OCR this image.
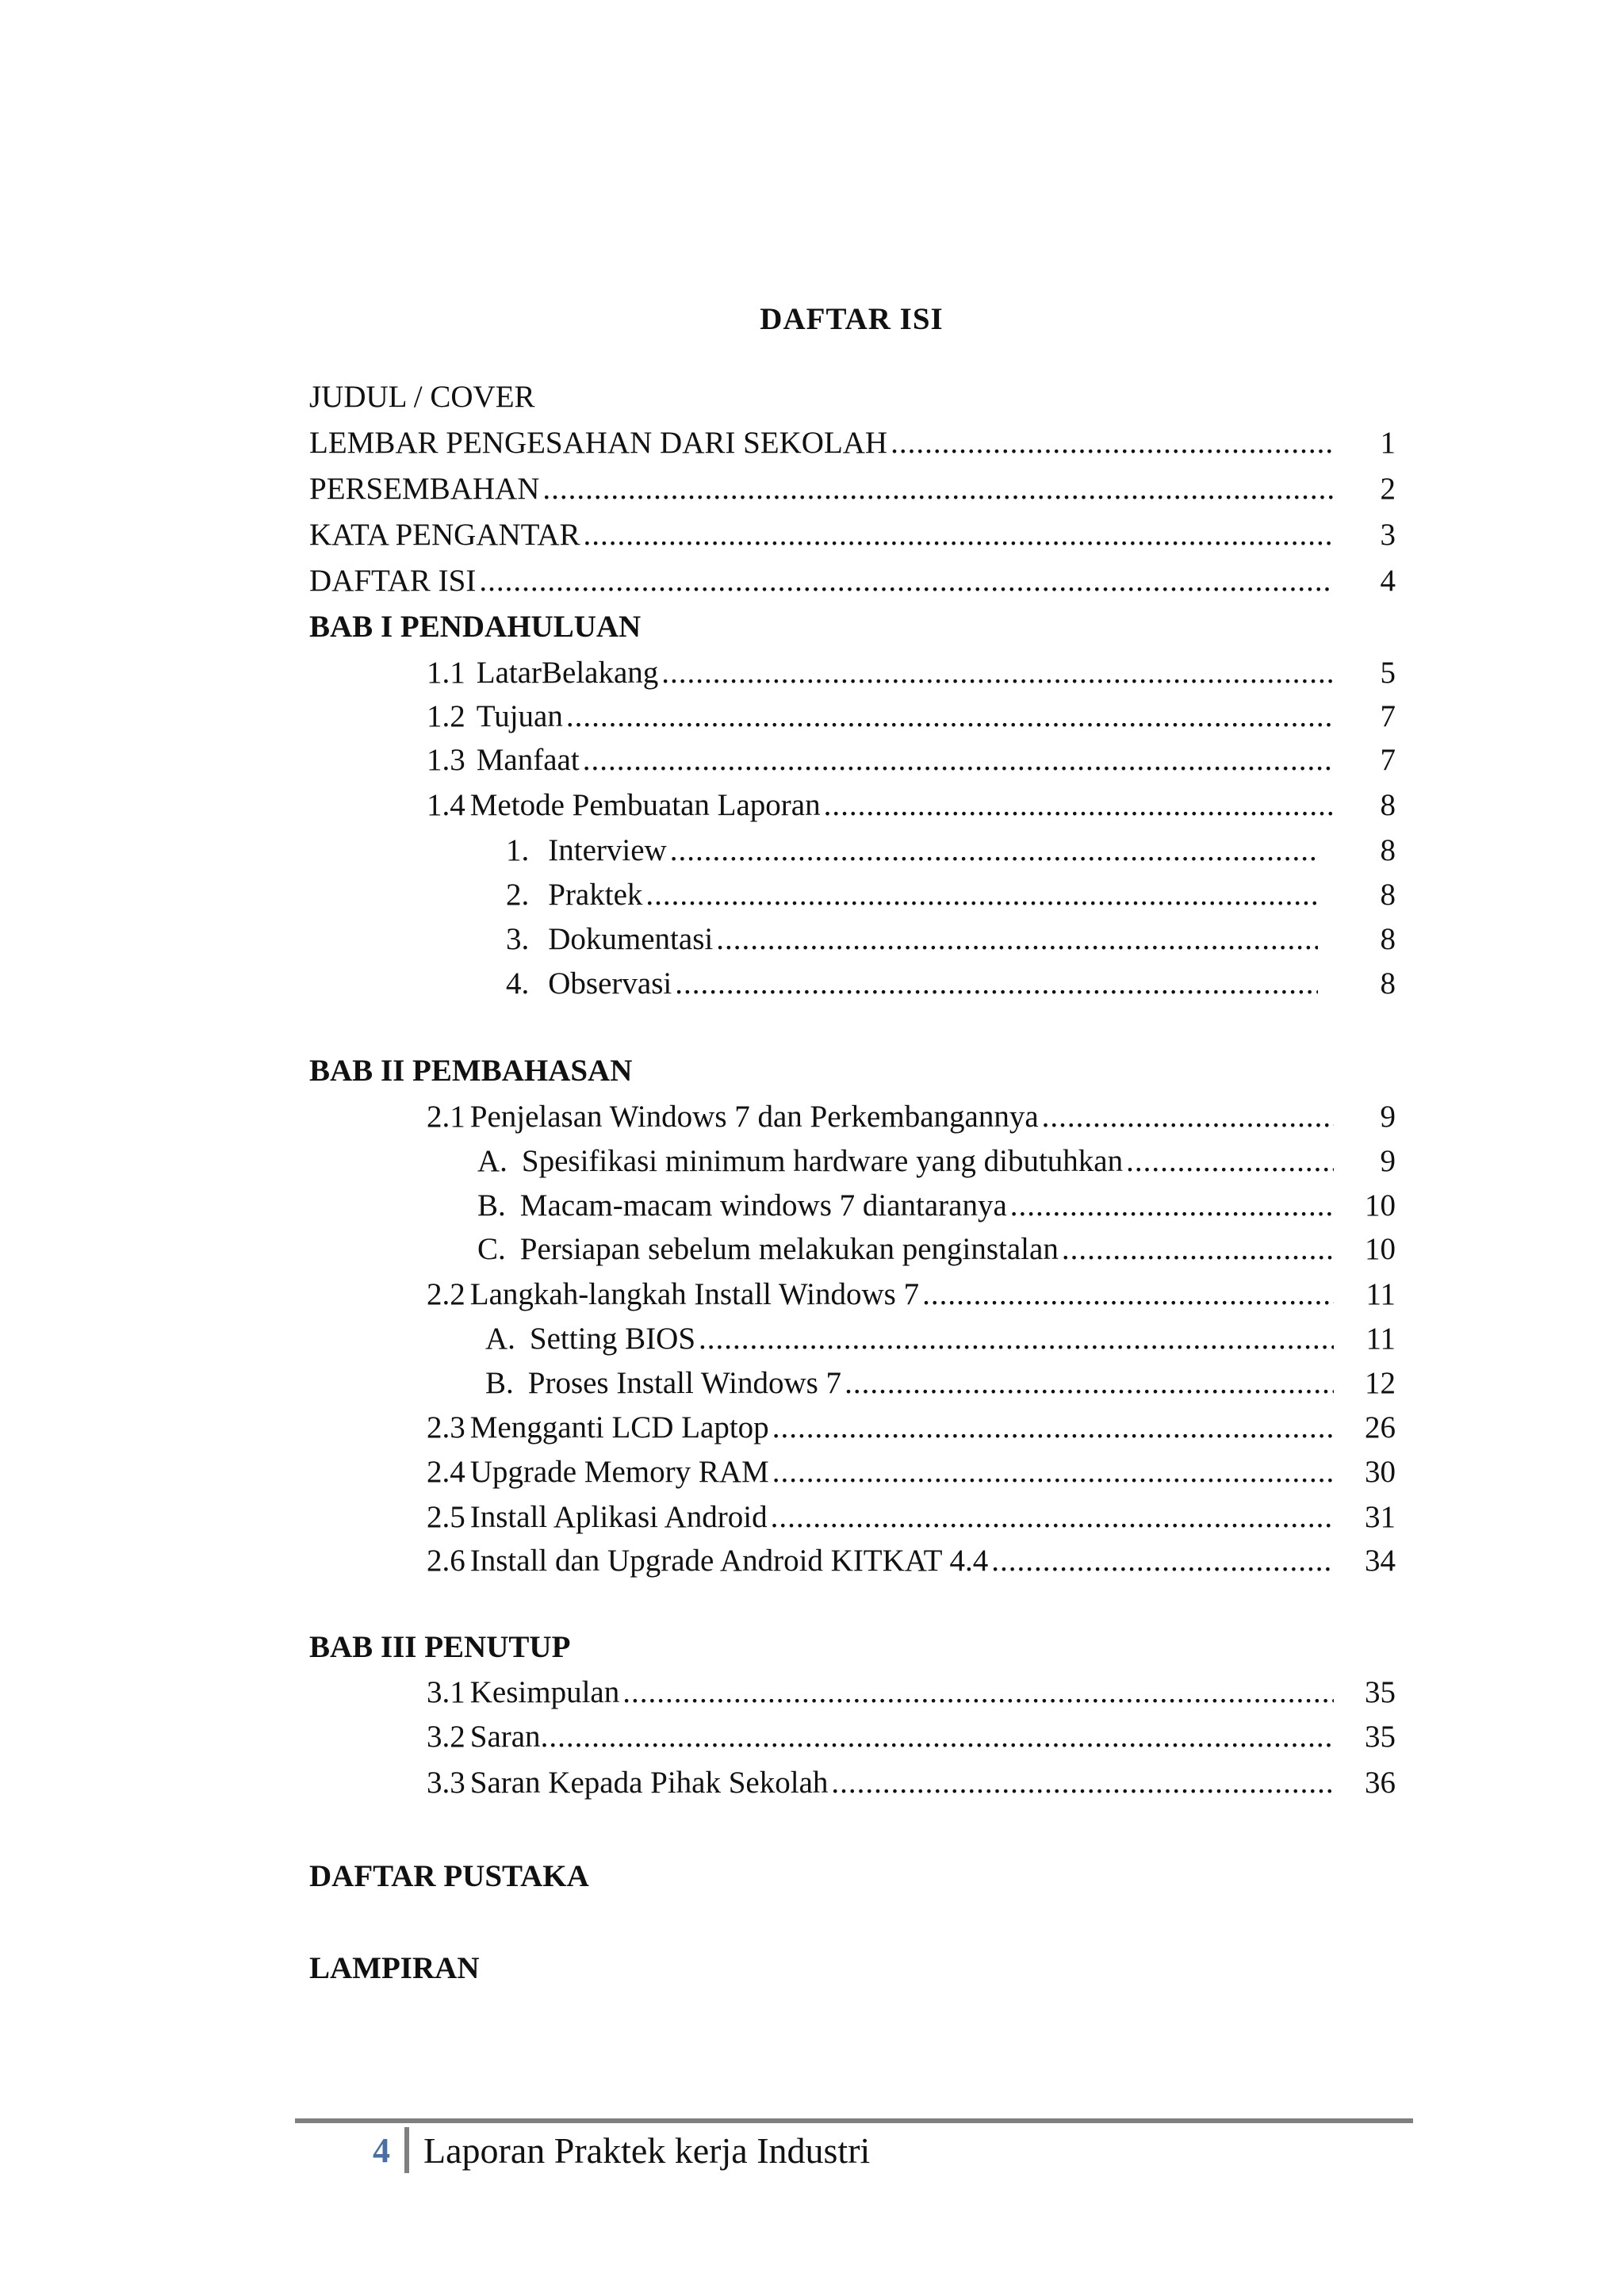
DAFTAR ISI
JUDUL / COVER
LEMBAR PENGESAHAN DARI SEKOLAH .....	1
PERSEMBAHAN .....	2
KATA PENGANTAR .....	3
DAFTAR ISI .....	4
BAB I PENDAHULUAN
1.1 LatarBelakang .....	5
1.2 Tujuan .....	7
1.3 Manfaat .....	7
1.4 Metode Pembuatan Laporan .....	8
1. Interview .....	8
2. Praktek .....	8
3. Dokumentasi .....	8
4. Observasi .....	8
BAB II PEMBAHASAN
2.1 Penjelasan Windows 7 dan Perkembangannya .....	9
A. Spesifikasi minimum hardware yang dibutuhkan .....	9
B. Macam-macam windows 7 diantaranya .....	10
C. Persiapan sebelum melakukan penginstalan .....	10
2.2 Langkah-langkah Install Windows 7 .....	11
A. Setting BIOS .....	11
B. Proses Install Windows 7 .....	12
2.3 Mengganti LCD Laptop .....	26
2.4 Upgrade Memory RAM .....	30
2.5 Install Aplikasi Android .....	31
2.6 Install dan Upgrade Android KITKAT 4.4 .....	34
BAB III PENUTUP
3.1 Kesimpulan .....	35
3.2 Saran .....	35
3.3 Saran Kepada Pihak Sekolah .....	36
DAFTAR PUSTAKA
LAMPIRAN
4 Laporan Praktek kerja Industri
